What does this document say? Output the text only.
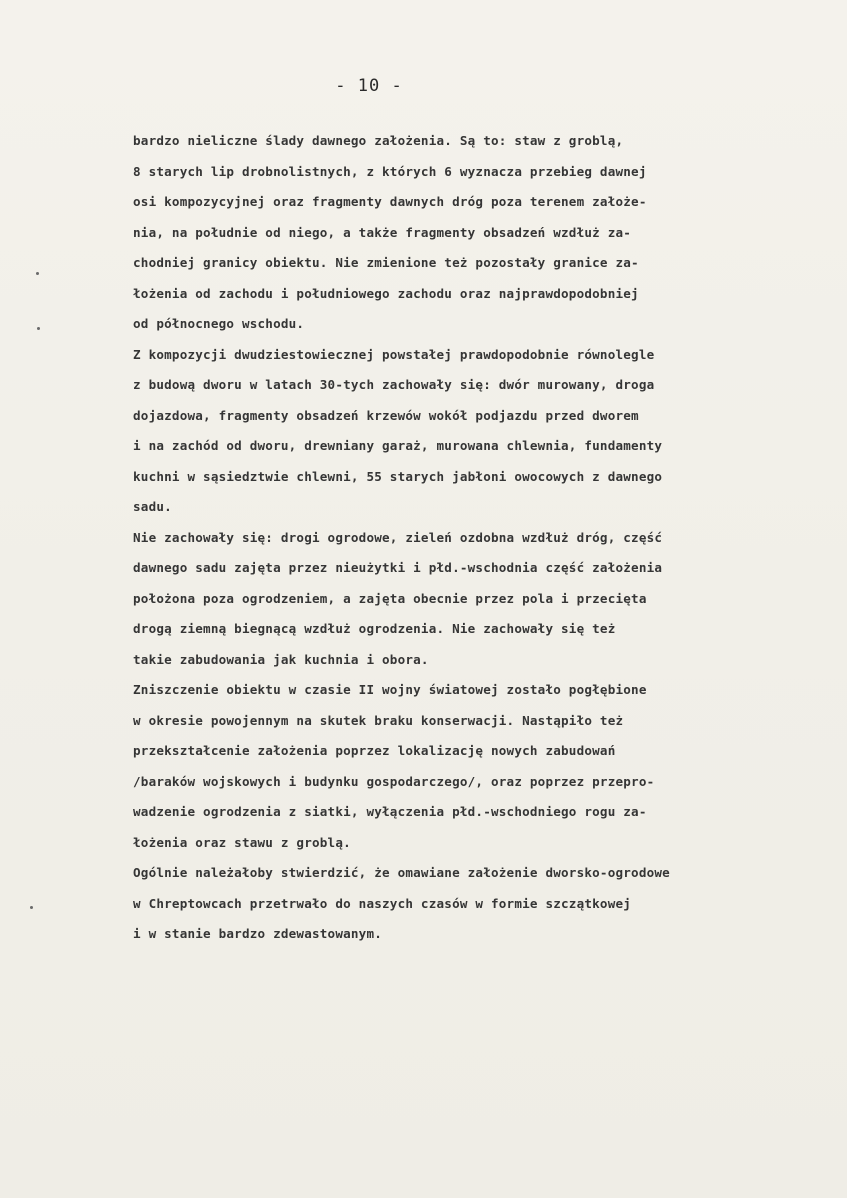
- 10 -
bardzo nieliczne ślady dawnego założenia. Są to: staw z groblą,
8 starych lip drobnolistnych, z których 6 wyznacza przebieg dawnej
osi kompozycyjnej oraz fragmenty dawnych dróg poza terenem założe-
nia, na południe od niego, a także fragmenty obsadzeń wzdłuż za-
chodniej granicy obiektu. Nie zmienione też pozostały granice za-
łożenia od zachodu i południowego zachodu oraz najprawdopodobniej
od północnego wschodu.
Z kompozycji dwudziestowiecznej powstałej prawdopodobnie równolegle
z budową dworu w latach 30-tych zachowały się: dwór murowany, droga
dojazdowa, fragmenty obsadzeń krzewów wokół podjazdu przed dworem
i na zachód od dworu, drewniany garaż, murowana chlewnia, fundamenty
kuchni w sąsiedztwie chlewni, 55 starych jabłoni owocowych z dawnego
sadu.
Nie zachowały się: drogi ogrodowe, zieleń ozdobna wzdłuż dróg, część
dawnego sadu zajęta przez nieużytki i płd.-wschodnia część założenia
położona poza ogrodzeniem, a zajęta obecnie przez pola i przecięta
drogą ziemną biegnącą wzdłuż ogrodzenia. Nie zachowały się też
takie zabudowania jak kuchnia i obora.
Zniszczenie obiektu w czasie II wojny światowej zostało pogłębione
w okresie powojennym na skutek braku konserwacji. Nastąpiło też
przekształcenie założenia poprzez lokalizację nowych zabudowań
/baraków wojskowych i budynku gospodarczego/, oraz poprzez przepro-
wadzenie ogrodzenia z siatki, wyłączenia płd.-wschodniego rogu za-
łożenia oraz stawu z groblą.
Ogólnie należałoby stwierdzić, że omawiane założenie dworsko-ogrodowe
w Chreptowcach przetrwało do naszych czasów w formie szczątkowej
i w stanie bardzo zdewastowanym.
